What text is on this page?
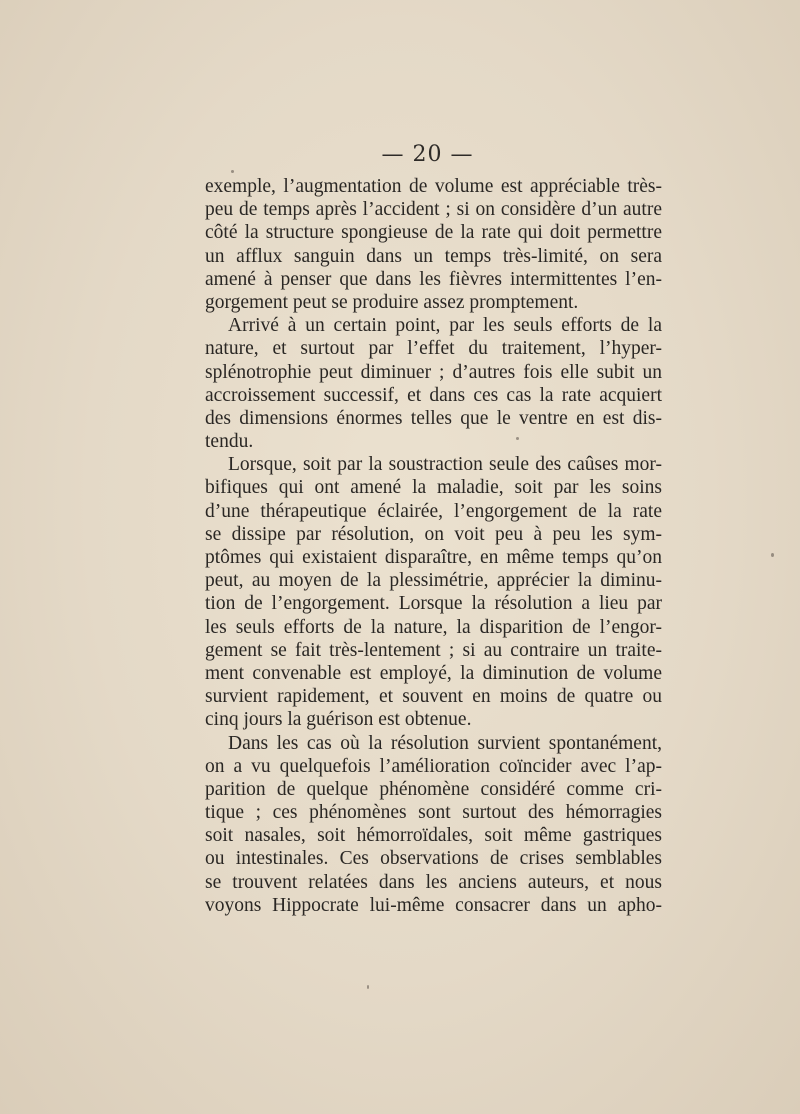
— 20 —
exemple, l’augmentation de volume est appréciable très-
peu de temps après l’accident ; si on considère d’un autre
côté la structure spongieuse de la rate qui doit permettre
un afflux sanguin dans un temps très-limité, on sera
amené à penser que dans les fièvres intermittentes l’en-
gorgement peut se produire assez promptement.
Arrivé à un certain point, par les seuls efforts de la
nature, et surtout par l’effet du traitement, l’hyper-
splénotrophie peut diminuer ; d’autres fois elle subit un
accroissement successif, et dans ces cas la rate acquiert
des dimensions énormes telles que le ventre en est dis-
tendu.
Lorsque, soit par la soustraction seule des caûses mor-
bifiques qui ont amené la maladie, soit par les soins
d’une thérapeutique éclairée, l’engorgement de la rate
se dissipe par résolution, on voit peu à peu les sym-
ptômes qui existaient disparaître, en même temps qu’on
peut, au moyen de la plessimétrie, apprécier la diminu-
tion de l’engorgement. Lorsque la résolution a lieu par
les seuls efforts de la nature, la disparition de l’engor-
gement se fait très-lentement ; si au contraire un traite-
ment convenable est employé, la diminution de volume
survient rapidement, et souvent en moins de quatre ou
cinq jours la guérison est obtenue.
Dans les cas où la résolution survient spontanément,
on a vu quelquefois l’amélioration coïncider avec l’ap-
parition de quelque phénomène considéré comme cri-
tique ; ces phénomènes sont surtout des hémorragies
soit nasales, soit hémorroïdales, soit même gastriques
ou intestinales. Ces observations de crises semblables
se trouvent relatées dans les anciens auteurs, et nous
voyons Hippocrate lui-même consacrer dans un apho-
